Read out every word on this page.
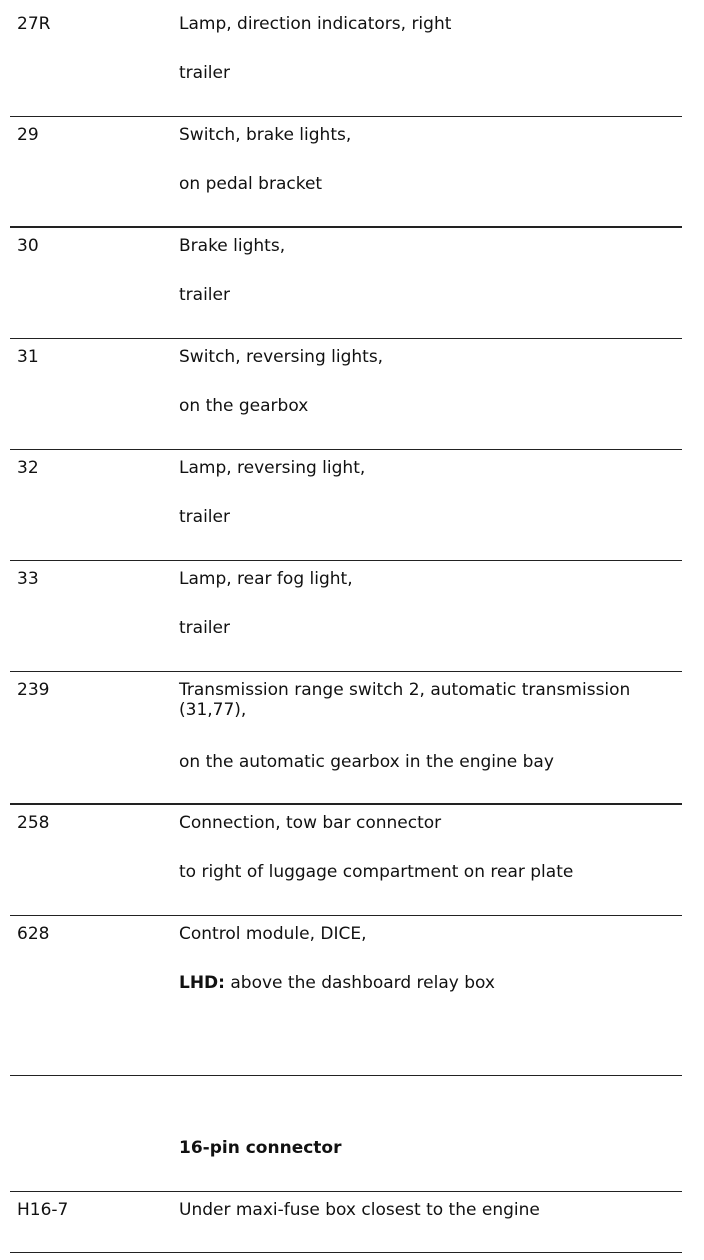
27R	Lamp, direction indicators, right
trailer
29	Switch, brake lights,
on pedal bracket
30	Brake lights,
trailer
31	Switch, reversing lights,
on the gearbox
32	Lamp, reversing light,
trailer
33	Lamp, rear fog light,
trailer
239	Transmission range switch 2, automatic transmission (31,77),
on the automatic gearbox in the engine bay
258	Connection, tow bar connector
to right of luggage compartment on rear plate
628	Control module, DICE,
LHD: above the dashboard relay box
16-pin connector
H16-7	Under maxi-fuse box closest to the engine
